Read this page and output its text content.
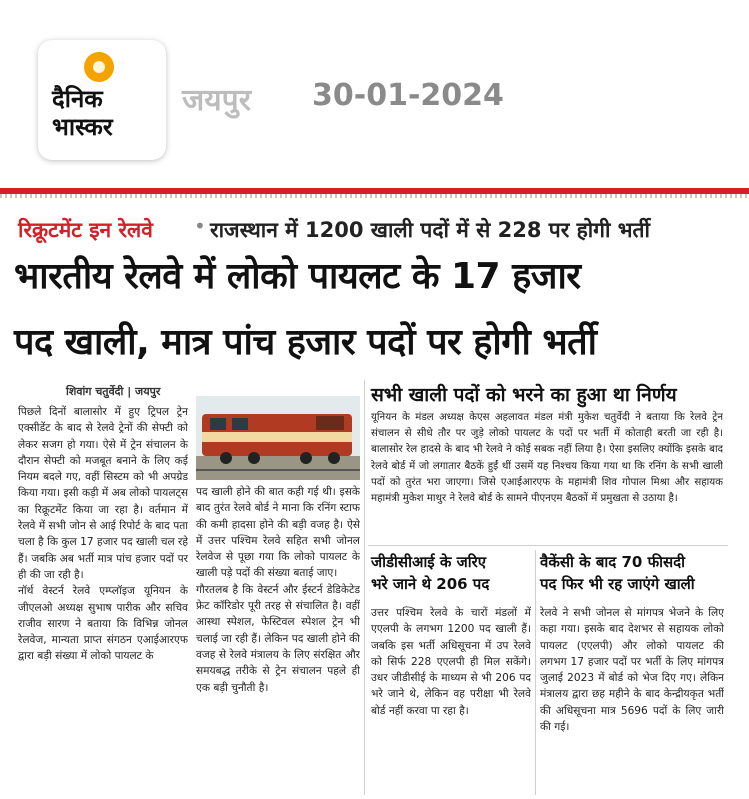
दैनिक
भास्कर
जयपुर 30-01-2024
रिक्रूटमेंट इन रेलवे	राजस्थान में 1200 खाली पदों में से 228 पर होगी भर्ती
•
भारतीय रेलवे में लोको पायलट के 17 हजार
पद खाली, मात्र पांच हजार पदों पर होगी भर्ती
शिवांग चतुर्वेदी | जयपुर	सभी खाली पदों को भरने का हुआ था निर्णय
जीडीसीआई के जरिए
भरे जाने थे 206 पद
वैकेंसी के बाद 70 फीसदी
पद फिर भी रह जाएंगे खाली

पिछले दिनों बालासोर में हुए ट्रिपल ट्रेन एक्सीडेंट के बाद से रेलवे ट्रेनों की सेफ्टी को लेकर सजग हो गया। ऐसे में ट्रेन संचालन के दौरान सेफ्टी को मजबूत बनाने के लिए कई नियम बदले गए, वहीं सिस्टम को भी अपग्रेड किया गया। इसी कड़ी में अब लोको पायलट्स का रिक्रूटमेंट किया जा रहा है। वर्तमान में रेलवे में सभी जोन से आई रिपोर्ट के बाद पता चला है कि कुल 17 हजार पद खाली चल रहे हैं। जबकि अब भर्ती मात्र पांच हजार पदों पर ही की जा रही है।

नॉर्थ वेस्टर्न रेलवे एम्प्लॉइज यूनियन के जीएलओ अध्यक्ष सुभाष पारीक और सचिव राजीव सारण ने बताया कि विभिन्न जोनल रेलवेज, मान्यता प्राप्त संगठन एआईआरएफ द्वारा बड़ी संख्या में लोको पायलट के

पद खाली होने की बात कही गई थी। इसके बाद तुरंत रेलवे बोर्ड ने माना कि रनिंग स्टाफ की कमी हादसा होने की बड़ी वजह है। ऐसे में उत्तर पश्चिम रेलवे सहित सभी जोनल रेलवेज से पूछा गया कि लोको पायलट के खाली पड़े पदों की संख्या बताई जाए।

गौरतलब है कि वेस्टर्न और ईस्टर्न डेडिकेटेड फ्रेट कॉरिडोर पूरी तरह से संचालित है। वहीं आस्था स्पेशल, फेस्टिवल स्पेशल ट्रेन भी चलाई जा रही हैं। लेकिन पद खाली होने की वजह से रेलवे मंत्रालय के लिए संरक्षित और समयबद्ध तरीके से ट्रेन संचालन पहले ही एक बड़ी चुनौती है।

यूनियन के मंडल अध्यक्ष केएस अहलावत मंडल मंत्री मुकेश चतुर्वेदी ने बताया कि रेलवे ट्रेन संचालन से सीधे तौर पर जुड़े लोको पायलट के पदों पर भर्ती में कोताही बरती जा रही है। बालासोर रेल हादसे के बाद भी रेलवे ने कोई सबक नहीं लिया है। ऐसा इसलिए क्योंकि इसके बाद रेलवे बोर्ड में जो लगातार बैठकें हुईं थीं उसमें यह निश्चय किया गया था कि रनिंग के सभी खाली पदों को तुरंत भरा जाएगा। जिसे एआईआरएफ के महामंत्री शिव गोपाल मिश्रा और सहायक महामंत्री मुकेश माथुर ने रेलवे बोर्ड के सामने पीएनएम बैठकों में प्रमुखता से उठाया है।

उत्तर पश्चिम रेलवे के चारों मंडलों में एएलपी के लगभग 1200 पद खाली हैं। जबकि इस भर्ती अधिसूचना में उप रेलवे को सिर्फ 228 एएलपी ही मिल सकेंगे। उधर जीडीसीई के माध्यम से भी 206 पद भरे जाने थे, लेकिन वह परीक्षा भी रेलवे बोर्ड नहीं करवा पा रहा है।

रेलवे ने सभी जोनल से मांगपत्र भेजने के लिए कहा गया। इसके बाद देशभर से सहायक लोको पायलट (एएलपी) और लोको पायलट की लगभग 17 हजार पदों पर भर्ती के लिए मांगपत्र जुलाई 2023 में बोर्ड को भेज दिए गए। लेकिन मंत्रालय द्वारा छह महीने के बाद केन्द्रीयकृत भर्ती की अधिसूचना मात्र 5696 पदों के लिए जारी की गई।
